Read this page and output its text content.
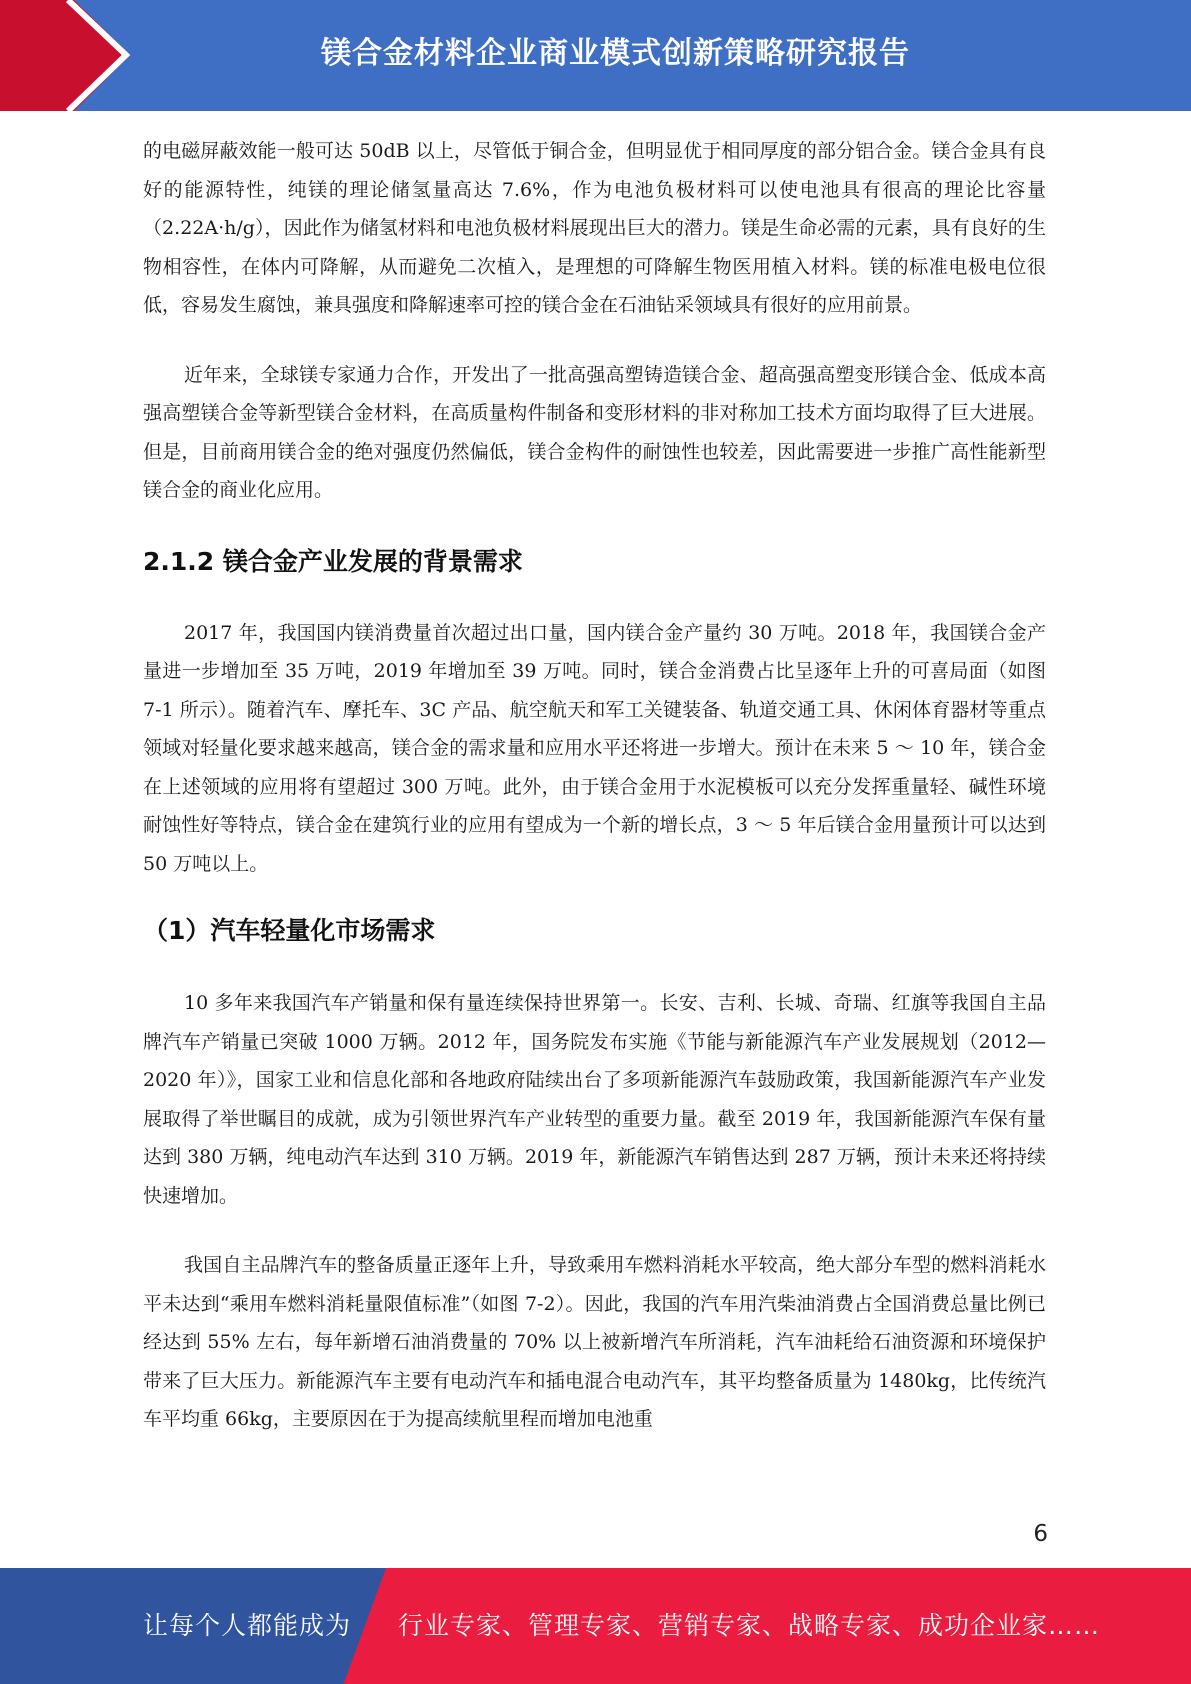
镁合金材料企业商业模式创新策略研究报告

的电磁屏蔽效能一般可达 50dB 以上，尽管低于铜合金，但明显优于相同厚度的部分铝合金。镁合金具有良好的能源特性，纯镁的理论储氢量高达 7.6%，作为电池负极材料可以使电池具有很高的理论比容量（2.22A·h/g），因此作为储氢材料和电池负极材料展现出巨大的潜力。镁是生命必需的元素，具有良好的生物相容性，在体内可降解，从而避免二次植入，是理想的可降解生物医用植入材料。镁的标准电极电位很低，容易发生腐蚀，兼具强度和降解速率可控的镁合金在石油钻采领域具有很好的应用前景。

近年来，全球镁专家通力合作，开发出了一批高强高塑铸造镁合金、超高强高塑变形镁合金、低成本高强高塑镁合金等新型镁合金材料，在高质量构件制备和变形材料的非对称加工技术方面均取得了巨大进展。但是，目前商用镁合金的绝对强度仍然偏低，镁合金构件的耐蚀性也较差，因此需要进一步推广高性能新型镁合金的商业化应用。

2.1.2 镁合金产业发展的背景需求

2017 年，我国国内镁消费量首次超过出口量，国内镁合金产量约 30 万吨。2018 年，我国镁合金产量进一步增加至 35 万吨，2019 年增加至 39 万吨。同时，镁合金消费占比呈逐年上升的可喜局面（如图 7-1 所示）。随着汽车、摩托车、3C 产品、航空航天和军工关键装备、轨道交通工具、休闲体育器材等重点领域对轻量化要求越来越高，镁合金的需求量和应用水平还将进一步增大。预计在未来 5 ～ 10 年，镁合金在上述领域的应用将有望超过 300 万吨。此外，由于镁合金用于水泥模板可以充分发挥重量轻、碱性环境耐蚀性好等特点，镁合金在建筑行业的应用有望成为一个新的增长点，3 ～ 5 年后镁合金用量预计可以达到 50 万吨以上。

（1）汽车轻量化市场需求

10 多年来我国汽车产销量和保有量连续保持世界第一。长安、吉利、长城、奇瑞、红旗等我国自主品牌汽车产销量已突破 1000 万辆。2012 年，国务院发布实施《节能与新能源汽车产业发展规划（2012—2020 年）》，国家工业和信息化部和各地政府陆续出台了多项新能源汽车鼓励政策，我国新能源汽车产业发展取得了举世瞩目的成就，成为引领世界汽车产业转型的重要力量。截至 2019 年，我国新能源汽车保有量达到 380 万辆，纯电动汽车达到 310 万辆。2019 年，新能源汽车销售达到 287 万辆，预计未来还将持续快速增加。

我国自主品牌汽车的整备质量正逐年上升，导致乘用车燃料消耗水平较高，绝大部分车型的燃料消耗水平未达到“乘用车燃料消耗量限值标准”（如图 7-2）。因此，我国的汽车用汽柴油消费占全国消费总量比例已经达到 55% 左右，每年新增石油消费量的 70% 以上被新增汽车所消耗，汽车油耗给石油资源和环境保护带来了巨大压力。新能源汽车主要有电动汽车和插电混合电动汽车，其平均整备质量为 1480kg，比传统汽车平均重 66kg，主要原因在于为提高续航里程而增加电池重

6
让每个人都能成为 行业专家、管理专家、营销专家、战略专家、成功企业家……
